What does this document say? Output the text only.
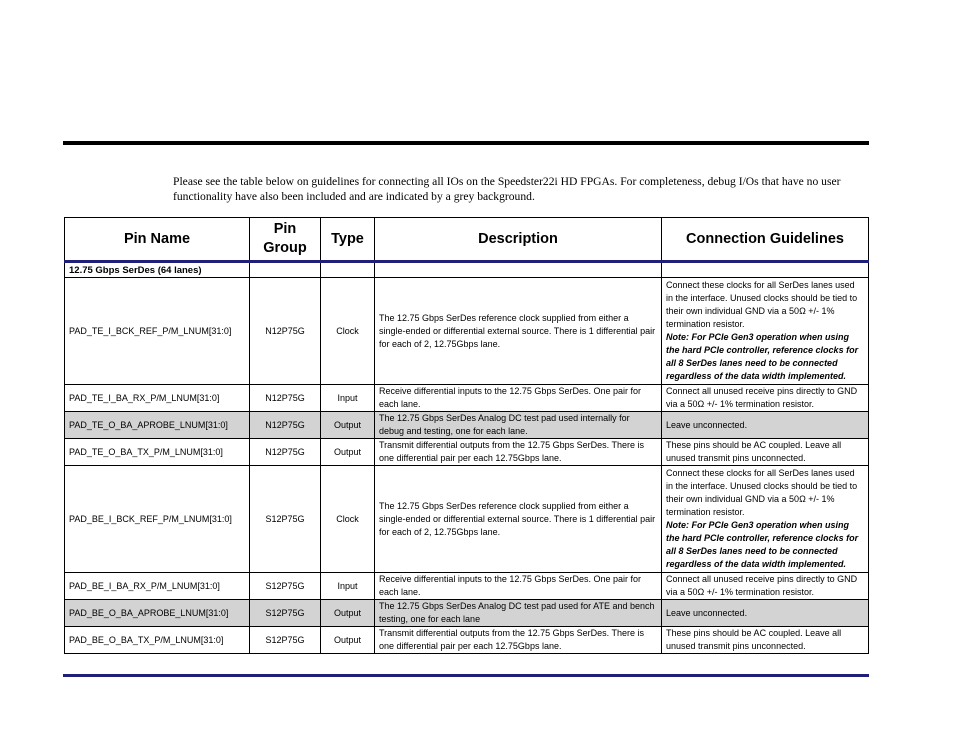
Please see the table below on guidelines for connecting all IOs on the Speedster22i HD FPGAs. For completeness, debug I/Os that have no user functionality have also been included and are indicated by a grey background.

Pin Name	Pin Group	Type	Description	Connection Guidelines
12.75 Gbps SerDes (64 lanes)				
PAD_TE_I_BCK_REF_P/M_LNUM[31:0]	N12P75G	Clock	The 12.75 Gbps SerDes reference clock supplied from either a single-ended or differential external source. There is 1 differential pair for each of 2, 12.75Gbps lane.	Connect these clocks for all SerDes lanes used in the interface. Unused clocks should be tied to their own individual GND via a 50Ω +/- 1% termination resistor.
Note: For PCIe Gen3 operation when using the hard PCIe controller, reference clocks for all 8 SerDes lanes need to be connected regardless of the data width implemented.

PAD_TE_I_BA_RX_P/M_LNUM[31:0]	N12P75G	Input	Receive differential inputs to the 12.75 Gbps SerDes. One pair for each lane.	Connect all unused receive pins directly to GND via a 50Ω +/- 1% termination resistor.
PAD_TE_O_BA_APROBE_LNUM[31:0]	N12P75G	Output	The 12.75 Gbps SerDes Analog DC test pad used internally for debug and testing, one for each lane.	Leave unconnected.
PAD_TE_O_BA_TX_P/M_LNUM[31:0]	N12P75G	Output	Transmit differential outputs from the 12.75 Gbps SerDes. There is one differential pair per each 12.75Gbps lane.	These pins should be AC coupled. Leave all unused transmit pins unconnected.
PAD_BE_I_BCK_REF_P/M_LNUM[31:0]	S12P75G	Clock	The 12.75 Gbps SerDes reference clock supplied from either a single-ended or differential external source. There is 1 differential pair for each of 2, 12.75Gbps lane.	Connect these clocks for all SerDes lanes used in the interface. Unused clocks should be tied to their own individual GND via a 50Ω +/- 1% termination resistor.
Note: For PCIe Gen3 operation when using the hard PCIe controller, reference clocks for all 8 SerDes lanes need to be connected regardless of the data width implemented.

PAD_BE_I_BA_RX_P/M_LNUM[31:0]	S12P75G	Input	Receive differential inputs to the 12.75 Gbps SerDes. One pair for each lane.	Connect all unused receive pins directly to GND via a 50Ω +/- 1% termination resistor.
PAD_BE_O_BA_APROBE_LNUM[31:0]	S12P75G	Output	The 12.75 Gbps SerDes Analog DC test pad used for ATE and bench testing, one for each lane	Leave unconnected.
PAD_BE_O_BA_TX_P/M_LNUM[31:0]	S12P75G	Output	Transmit differential outputs from the 12.75 Gbps SerDes. There is one differential pair per each 12.75Gbps lane.	These pins should be AC coupled. Leave all unused transmit pins unconnected.
